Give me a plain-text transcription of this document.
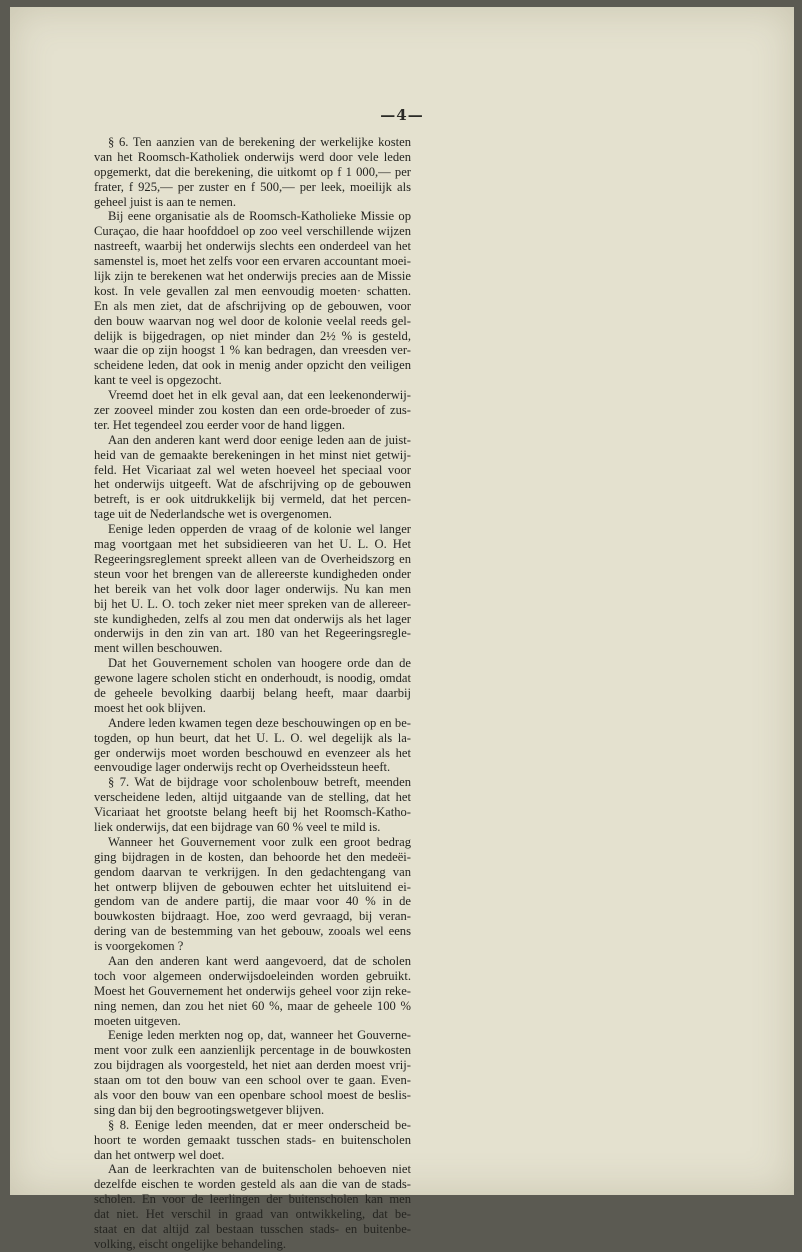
—4—
§ 6. Ten aanzien van de berekening der werkelijke kosten
van het Roomsch-Katholiek onderwijs werd door vele leden
opgemerkt, dat die berekening, die uitkomt op f 1 000,— per
frater, f 925,— per zuster en f 500,— per leek, moeilijk als
geheel juist is aan te nemen.
Bij eene organisatie als de Roomsch-Katholieke Missie op
Curaçao, die haar hoofddoel op zoo veel verschillende wijzen
nastreeft, waarbij het onderwijs slechts een onderdeel van het
samenstel is, moet het zelfs voor een ervaren accountant moei-
lijk zijn te berekenen wat het onderwijs precies aan de Missie
kost. In vele gevallen zal men eenvoudig moeten· schatten.
En als men ziet, dat de afschrijving op de gebouwen, voor
den bouw waarvan nog wel door de kolonie veelal reeds gel-
delijk is bijgedragen, op niet minder dan 2½ % is gesteld,
waar die op zijn hoogst 1 % kan bedragen, dan vreesden ver-
scheidene leden, dat ook in menig ander opzicht den veiligen
kant te veel is opgezocht.
Vreemd doet het in elk geval aan, dat een leekenonderwij-
zer zooveel minder zou kosten dan een orde-broeder of zus-
ter. Het tegendeel zou eerder voor de hand liggen.
Aan den anderen kant werd door eenige leden aan de juist-
heid van de gemaakte berekeningen in het minst niet getwij-
feld. Het Vicariaat zal wel weten hoeveel het speciaal voor
het onderwijs uitgeeft. Wat de afschrijving op de gebouwen
betreft, is er ook uitdrukkelijk bij vermeld, dat het percen-
tage uit de Nederlandsche wet is overgenomen.
Eenige leden opperden de vraag of de kolonie wel langer
mag voortgaan met het subsidieeren van het U. L. O. Het
Regeeringsreglement spreekt alleen van de Overheidszorg en
steun voor het brengen van de allereerste kundigheden onder
het bereik van het volk door lager onderwijs. Nu kan men
bij het U. L. O. toch zeker niet meer spreken van de allereer-
ste kundigheden, zelfs al zou men dat onderwijs als het lager
onderwijs in den zin van art. 180 van het Regeeringsregle-
ment willen beschouwen.
Dat het Gouvernement scholen van hoogere orde dan de
gewone lagere scholen sticht en onderhoudt, is noodig, omdat
de geheele bevolking daarbij belang heeft, maar daarbij
moest het ook blijven.
Andere leden kwamen tegen deze beschouwingen op en be-
togden, op hun beurt, dat het U. L. O. wel degelijk als la-
ger onderwijs moet worden beschouwd en evenzeer als het
eenvoudige lager onderwijs recht op Overheidssteun heeft.
§ 7. Wat de bijdrage voor scholenbouw betreft, meenden
verscheidene leden, altijd uitgaande van de stelling, dat het
Vicariaat het grootste belang heeft bij het Roomsch-Katho-
liek onderwijs, dat een bijdrage van 60 % veel te mild is.
Wanneer het Gouvernement voor zulk een groot bedrag
ging bijdragen in de kosten, dan behoorde het den medeëi-
gendom daarvan te verkrijgen. In den gedachtengang van
het ontwerp blijven de gebouwen echter het uitsluitend ei-
gendom van de andere partij, die maar voor 40 % in de
bouwkosten bijdraagt. Hoe, zoo werd gevraagd, bij veran-
dering van de bestemming van het gebouw, zooals wel eens
is voorgekomen ?
Aan den anderen kant werd aangevoerd, dat de scholen
toch voor algemeen onderwijsdoeleinden worden gebruikt.
Moest het Gouvernement het onderwijs geheel voor zijn reke-
ning nemen, dan zou het niet 60 %, maar de geheele 100 %
moeten uitgeven.
Eenige leden merkten nog op, dat, wanneer het Gouverne-
ment voor zulk een aanzienlijk percentage in de bouwkosten
zou bijdragen als voorgesteld, het niet aan derden moest vrij-
staan om tot den bouw van een school over te gaan. Even-
als voor den bouw van een openbare school moest de beslis-
sing dan bij den begrootingswetgever blijven.
§ 8. Eenige leden meenden, dat er meer onderscheid be-
hoort te worden gemaakt tusschen stads- en buitenscholen
dan het ontwerp wel doet.
Aan de leerkrachten van de buitenscholen behoeven niet
dezelfde eischen te worden gesteld als aan die van de stads-
scholen. En voor de leerlingen der buitenscholen kan men
dat niet. Het verschil in graad van ontwikkeling, dat be-
staat en dat altijd zal bestaan tusschen stads- en buitenbe-
volking, eischt ongelijke behandeling.
